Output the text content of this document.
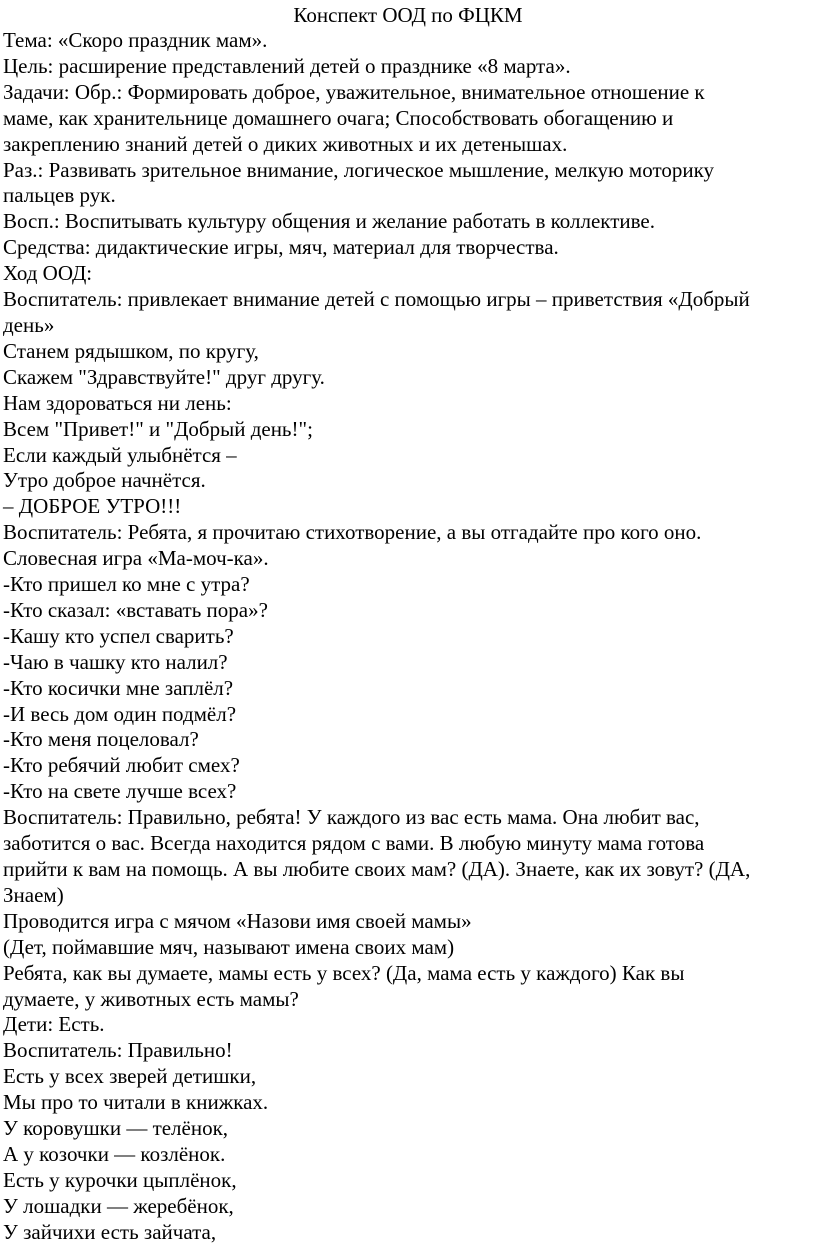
Конспект ООД по ФЦКМ

Тема: «Скоро праздник мам».

Цель: расширение представлений детей о празднике «8 марта».

Задачи: Обр.: Формировать доброе, уважительное, внимательное отношение к

маме, как хранительнице домашнего очага; Способствовать обогащению и

закреплению знаний детей о диких животных и их детенышах.

Раз.: Развивать зрительное внимание, логическое мышление, мелкую моторику

пальцев рук.

Восп.: Воспитывать культуру общения и желание работать в коллективе.

Средства: дидактические игры, мяч, материал для творчества.

Ход ООД:

Воспитатель: привлекает внимание детей с помощью игры – приветствия «Добрый

день»

Станем рядышком, по кругу,

Скажем "Здравствуйте!" друг другу.

Нам здороваться ни лень:

Всем "Привет!" и "Добрый день!";

Если каждый улыбнётся –

Утро доброе начнётся.

– ДОБРОЕ УТРО!!!

Воспитатель: Ребята, я прочитаю стихотворение, а вы отгадайте про кого оно.

Словесная игра «Ма-моч-ка».

-Кто пришел ко мне с утра?

-Кто сказал: «вставать пора»?

-Кашу кто успел сварить?

-Чаю в чашку кто налил?

-Кто косички мне заплёл?

-И весь дом один подмёл?

-Кто меня поцеловал?

-Кто ребячий любит смех?

-Кто на свете лучше всех?

Воспитатель: Правильно, ребята! У каждого из вас есть мама. Она любит вас,

заботится о вас. Всегда находится рядом с вами. В любую минуту мама готова

прийти к вам на помощь. А вы любите своих мам? (ДА). Знаете, как их зовут? (ДА,

Знаем)

Проводится игра с мячом «Назови имя своей мамы»

(Дет, поймавшие мяч, называют имена своих мам)

Ребята, как вы думаете, мамы есть у всех? (Да, мама есть у каждого) Как вы

думаете, у животных есть мамы?

Дети: Есть.

Воспитатель: Правильно!

Есть у всех зверей детишки,

Мы про то читали в книжках.

У коровушки — телёнок,

А у козочки — козлёнок.

Есть у курочки цыплёнок,

У лошадки — жеребёнок,

У зайчихи есть зайчата,
